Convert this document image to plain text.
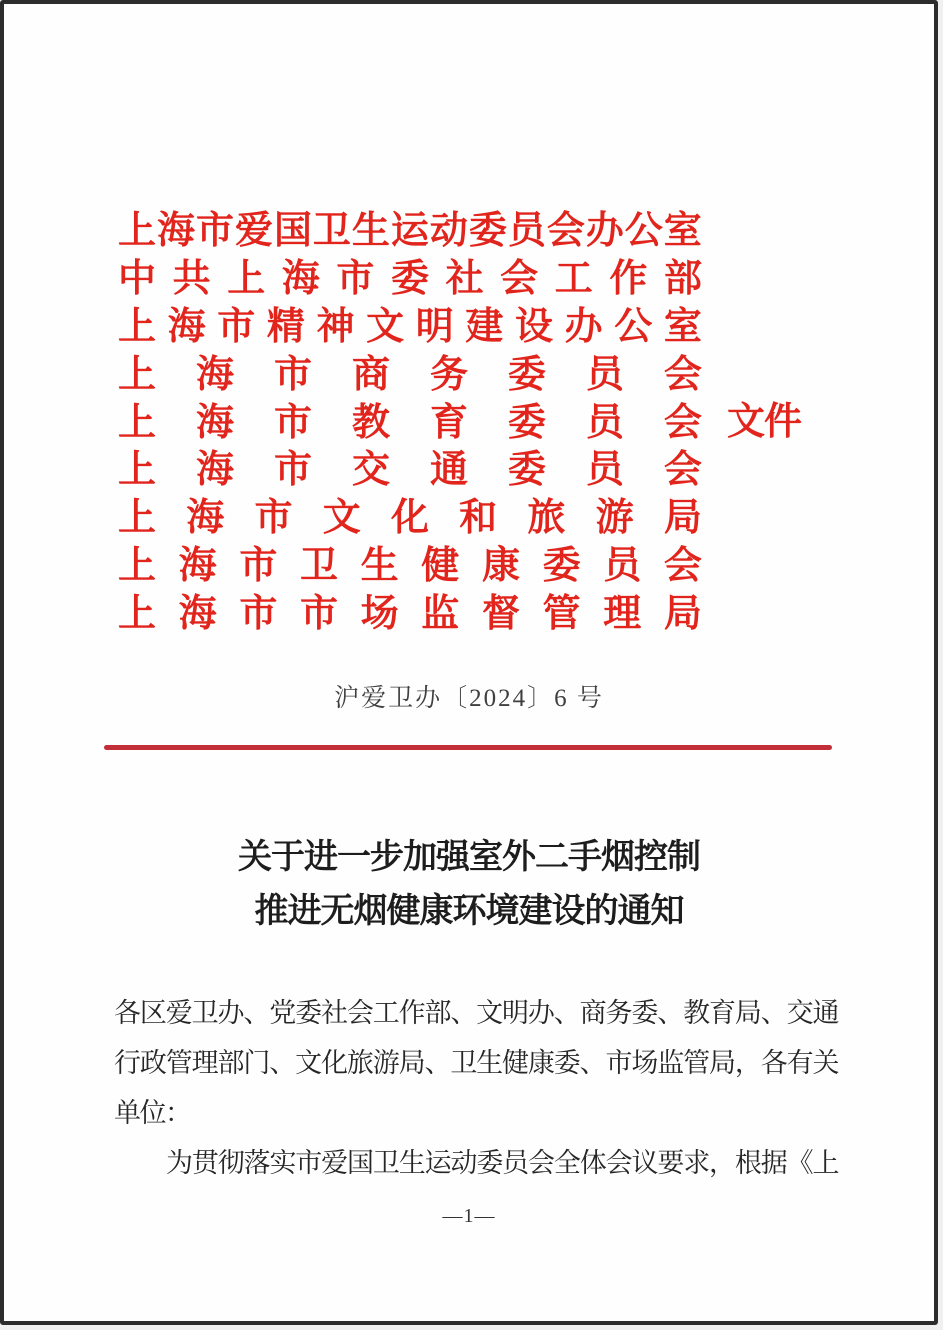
上 海 市 爱 国 卫 生 运 动 委 员 会 办 公 室
中 共 上 海 市 委 社 会 工 作 部
上 海 市 精 神 文 明 建 设 办 公 室
上 海 市 商 务 委 员 会
上 海 市 教 育 委 员 会
上 海 市 交 通 委 员 会
上 海 市 文 化 和 旅 游 局
上 海 市 卫 生 健 康 委 员 会
上 海 市 市 场 监 督 管 理 局
文件
沪爱卫办〔2024〕6 号
关于进一步加强室外二手烟控制
推进无烟健康环境建设的通知
各区爱卫办、党委社会工作部、文明办、商务委、教育局、交通
行政管理部门、文化旅游局、卫生健康委、市场监管局，各有关
单位：
为贯彻落实市爱国卫生运动委员会全体会议要求，根据《上
—1—
